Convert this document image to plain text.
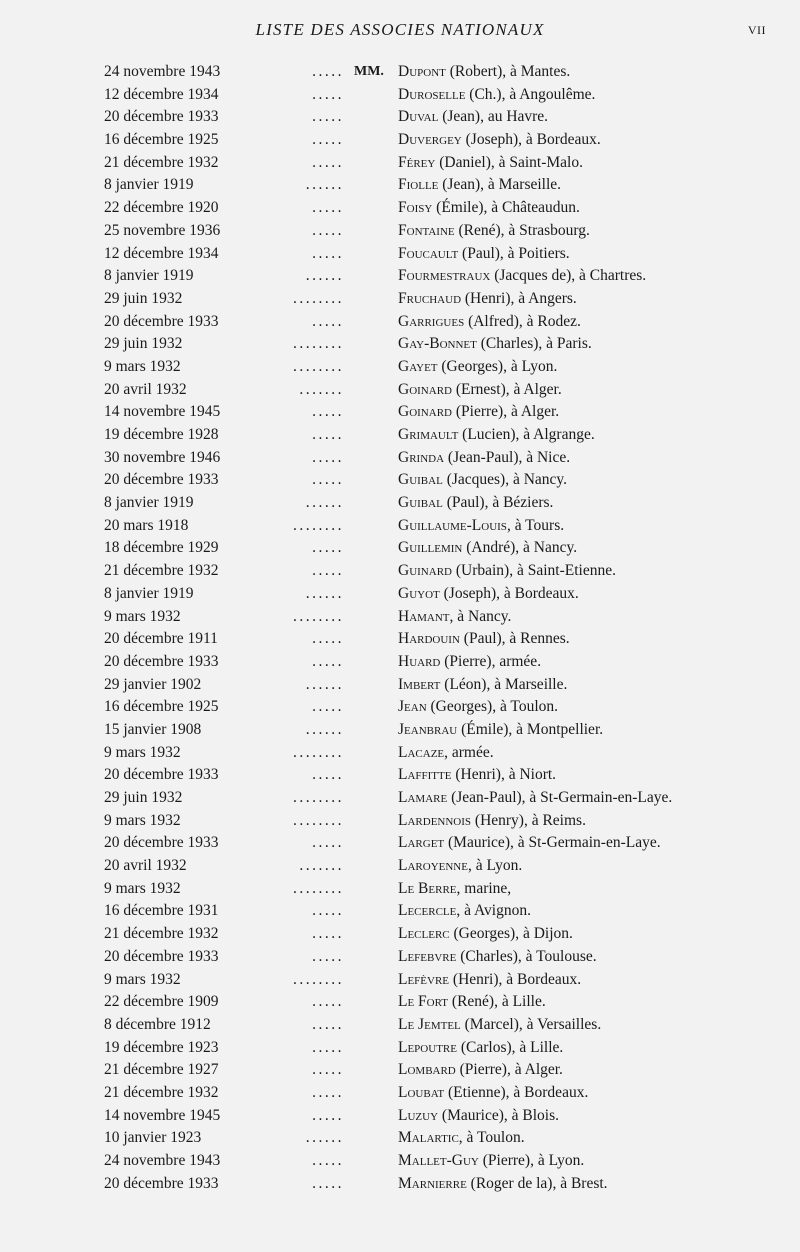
LISTE DES ASSOCIES NATIONAUX	VII
24 novembre 1943	..... MM. Dupont (Robert), à Mantes.
12 décembre 1934	.....	Duroselle (Ch.), à Angoulême.
20 décembre 1933	.....	Duval (Jean), au Havre.
16 décembre 1925	.....	Duvergey (Joseph), à Bordeaux.
21 décembre 1932	.....	Férey (Daniel), à Saint-Malo.
8 janvier 1919	......	Fiolle (Jean), à Marseille.
22 décembre 1920	.....	Foisy (Émile), à Châteaudun.
25 novembre 1936	.....	Fontaine (René), à Strasbourg.
12 décembre 1934	.....	Foucault (Paul), à Poitiers.
8 janvier 1919	......	Fourmestraux (Jacques de), à Chartres.
29 juin 1932	........	Fruchaud (Henri), à Angers.
20 décembre 1933	.....	Garrigues (Alfred), à Rodez.
29 juin 1932	........	Gay-Bonnet (Charles), à Paris.
9 mars 1932	........	Gayet (Georges), à Lyon.
20 avril 1932	.......	Goinard (Ernest), à Alger.
14 novembre 1945	.....	Goinard (Pierre), à Alger.
19 décembre 1928	.....	Grimault (Lucien), à Algrange.
30 novembre 1946	.....	Grinda (Jean-Paul), à Nice.
20 décembre 1933	.....	Guibal (Jacques), à Nancy.
8 janvier 1919	......	Guibal (Paul), à Béziers.
20 mars 1918	........	Guillaume-Louis, à Tours.
18 décembre 1929	.....	Guillemin (André), à Nancy.
21 décembre 1932	.....	Guinard (Urbain), à Saint-Etienne.
8 janvier 1919	......	Guyot (Joseph), à Bordeaux.
9 mars 1932	........	Hamant, à Nancy.
20 décembre 1911	.....	Hardouin (Paul), à Rennes.
20 décembre 1933	.....	Huard (Pierre), armée.
29 janvier 1902	......	Imbert (Léon), à Marseille.
16 décembre 1925	.....	Jean (Georges), à Toulon.
15 janvier 1908	......	Jeanbrau (Émile), à Montpellier.
9 mars 1932	........	Lacaze, armée.
20 décembre 1933	.....	Laffitte (Henri), à Niort.
29 juin 1932	........	Lamare (Jean-Paul), à St-Germain-en-Laye.
9 mars 1932	........	Lardennois (Henry), à Reims.
20 décembre 1933	.....	Larget (Maurice), à St-Germain-en-Laye.
20 avril 1932	.......	Laroyenne, à Lyon.
9 mars 1932	........	Le Berre, marine,
16 décembre 1931	.....	Lecercle, à Avignon.
21 décembre 1932	.....	Leclerc (Georges), à Dijon.
20 décembre 1933	.....	Lefebvre (Charles), à Toulouse.
9 mars 1932	........	Lefèvre (Henri), à Bordeaux.
22 décembre 1909	.....	Le Fort (René), à Lille.
8 décembre 1912	.....	Le Jemtel (Marcel), à Versailles.
19 décembre 1923	.....	Lepoutre (Carlos), à Lille.
21 décembre 1927	.....	Lombard (Pierre), à Alger.
21 décembre 1932	.....	Loubat (Etienne), à Bordeaux.
14 novembre 1945	.....	Luzuy (Maurice), à Blois.
10 janvier 1923	......	Malartic, à Toulon.
24 novembre 1943	.....	Mallet-Guy (Pierre), à Lyon.
20 décembre 1933	.....	Marnierre (Roger de la), à Brest.
